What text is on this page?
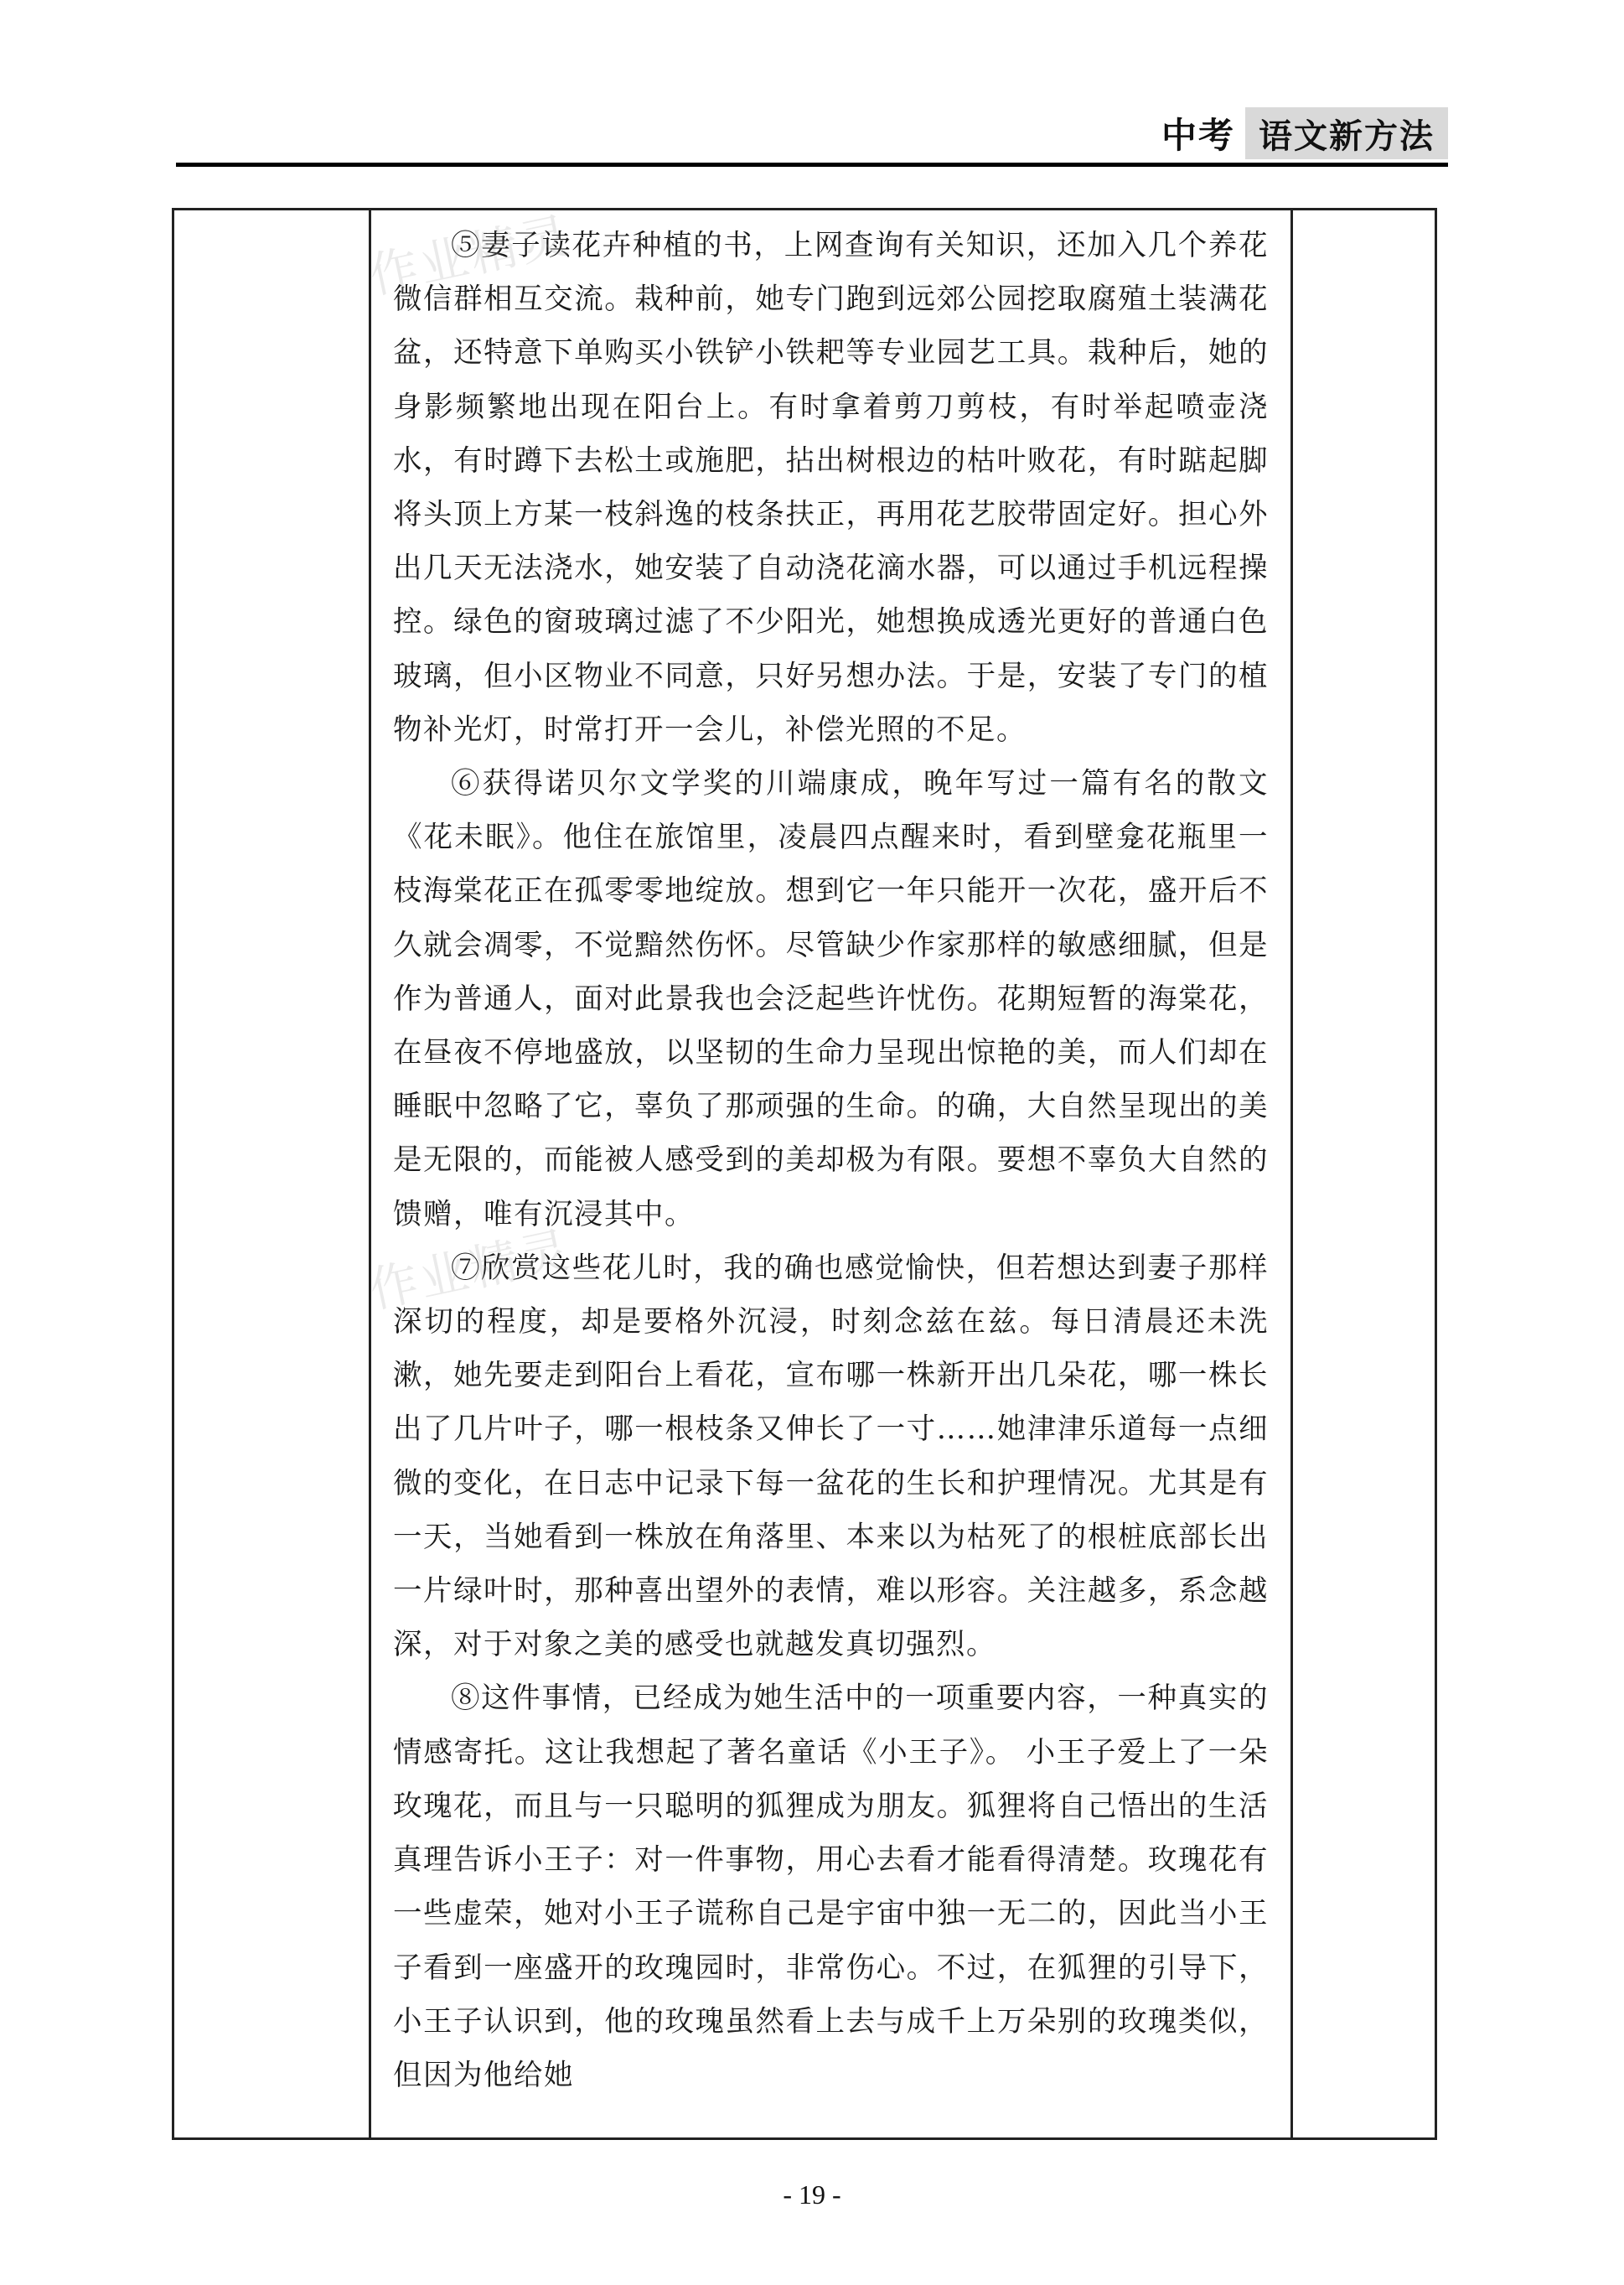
中考 语文新方法

⑤妻子读花卉种植的书，上网查询有关知识，还加入几个养花微信群相互交流。栽种前，她专门跑到远郊公园挖取腐殖土装满花盆，还特意下单购买小铁铲小铁耙等专业园艺工具。栽种后，她的身影频繁地出现在阳台上。有时拿着剪刀剪枝，有时举起喷壶浇水，有时蹲下去松土或施肥，拈出树根边的枯叶败花，有时踮起脚将头顶上方某一枝斜逸的枝条扶正，再用花艺胶带固定好。担心外出几天无法浇水，她安装了自动浇花滴水器，可以通过手机远程操控。绿色的窗玻璃过滤了不少阳光，她想换成透光更好的普通白色玻璃，但小区物业不同意，只好另想办法。于是，安装了专门的植物补光灯，时常打开一会儿，补偿光照的不足。

⑥获得诺贝尔文学奖的川端康成，晚年写过一篇有名的散文《花未眠》。他住在旅馆里，凌晨四点醒来时，看到壁龛花瓶里一枝海棠花正在孤零零地绽放。想到它一年只能开一次花，盛开后不久就会凋零，不觉黯然伤怀。尽管缺少作家那样的敏感细腻，但是作为普通人，面对此景我也会泛起些许忧伤。花期短暂的海棠花，在昼夜不停地盛放，以坚韧的生命力呈现出惊艳的美，而人们却在睡眠中忽略了它，辜负了那顽强的生命。的确，大自然呈现出的美是无限的，而能被人感受到的美却极为有限。要想不辜负大自然的馈赠，唯有沉浸其中。

⑦欣赏这些花儿时，我的确也感觉愉快，但若想达到妻子那样深切的程度，却是要格外沉浸，时刻念兹在兹。每日清晨还未洗漱，她先要走到阳台上看花，宣布哪一株新开出几朵花，哪一株长出了几片叶子，哪一根枝条又伸长了一寸……她津津乐道每一点细微的变化，在日志中记录下每一盆花的生长和护理情况。尤其是有一天，当她看到一株放在角落里、本来以为枯死了的根桩底部长出一片绿叶时，那种喜出望外的表情，难以形容。关注越多，系念越深，对于对象之美的感受也就越发真切强烈。

⑧这件事情，已经成为她生活中的一项重要内容，一种真实的情感寄托。这让我想起了著名童话《小王子》。 小王子爱上了一朵玫瑰花，而且与一只聪明的狐狸成为朋友。狐狸将自己悟出的生活真理告诉小王子：对一件事物，用心去看才能看得清楚。玫瑰花有一些虚荣，她对小王子谎称自己是宇宙中独一无二的，因此当小王子看到一座盛开的玫瑰园时，非常伤心。不过，在狐狸的引导下，小王子认识到，他的玫瑰虽然看上去与成千上万朵别的玫瑰类似，但因为他给她

作业精灵
作业精灵
- 19 -
